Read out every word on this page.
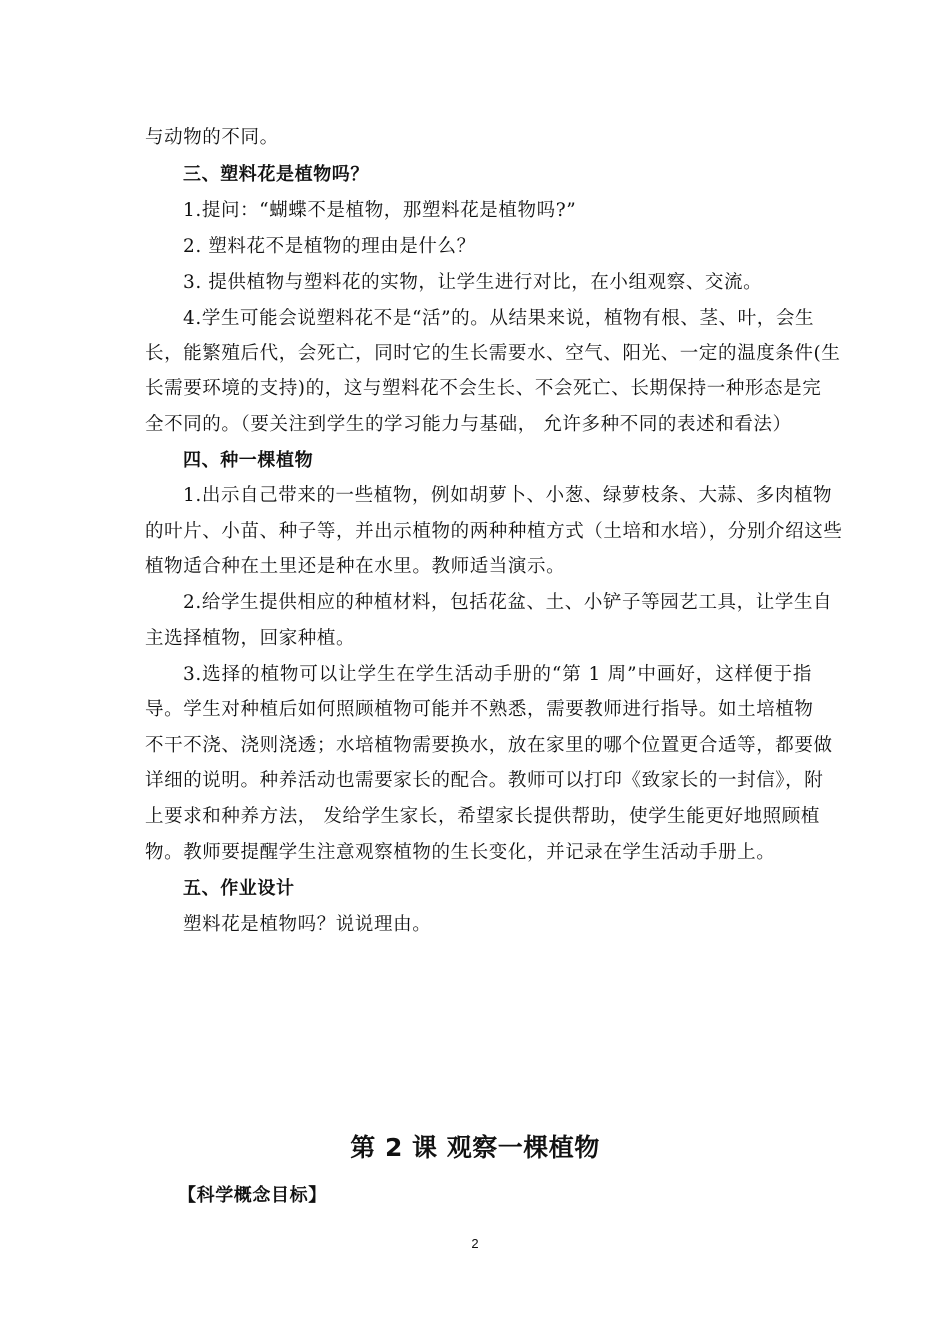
与动物的不同。
三、塑料花是植物吗？
1.提问：“蝴蝶不是植物，那塑料花是植物吗?”
2. 塑料花不是植物的理由是什么？
3. 提供植物与塑料花的实物，让学生进行对比，在小组观察、交流。
4.学生可能会说塑料花不是“活”的。从结果来说，植物有根、茎、叶，会生
长，能繁殖后代，会死亡，同时它的生长需要水、空气、阳光、一定的温度条件(生
长需要环境的支持)的，这与塑料花不会生长、不会死亡、长期保持一种形态是完
全不同的。（要关注到学生的学习能力与基础， 允许多种不同的表述和看法）
四、种一棵植物
1.出示自己带来的一些植物，例如胡萝卜、小葱、绿萝枝条、大蒜、多肉植物
的叶片、小苗、种子等，并出示植物的两种种植方式（土培和水培），分别介绍这些
植物适合种在土里还是种在水里。教师适当演示。
2.给学生提供相应的种植材料，包括花盆、土、小铲子等园艺工具，让学生自
主选择植物，回家种植。
3.选择的植物可以让学生在学生活动手册的“第 1 周”中画好，这样便于指
导。学生对种植后如何照顾植物可能并不熟悉，需要教师进行指导。如土培植物
不干不浇、浇则浇透；水培植物需要换水，放在家里的哪个位置更合适等，都要做
详细的说明。种养活动也需要家长的配合。教师可以打印《致家长的一封信》，附
上要求和种养方法， 发给学生家长，希望家长提供帮助，使学生能更好地照顾植
物。教师要提醒学生注意观察植物的生长变化，并记录在学生活动手册上。
五、作业设计
塑料花是植物吗？说说理由。
第 2 课 观察一棵植物
【科学概念目标】
2
